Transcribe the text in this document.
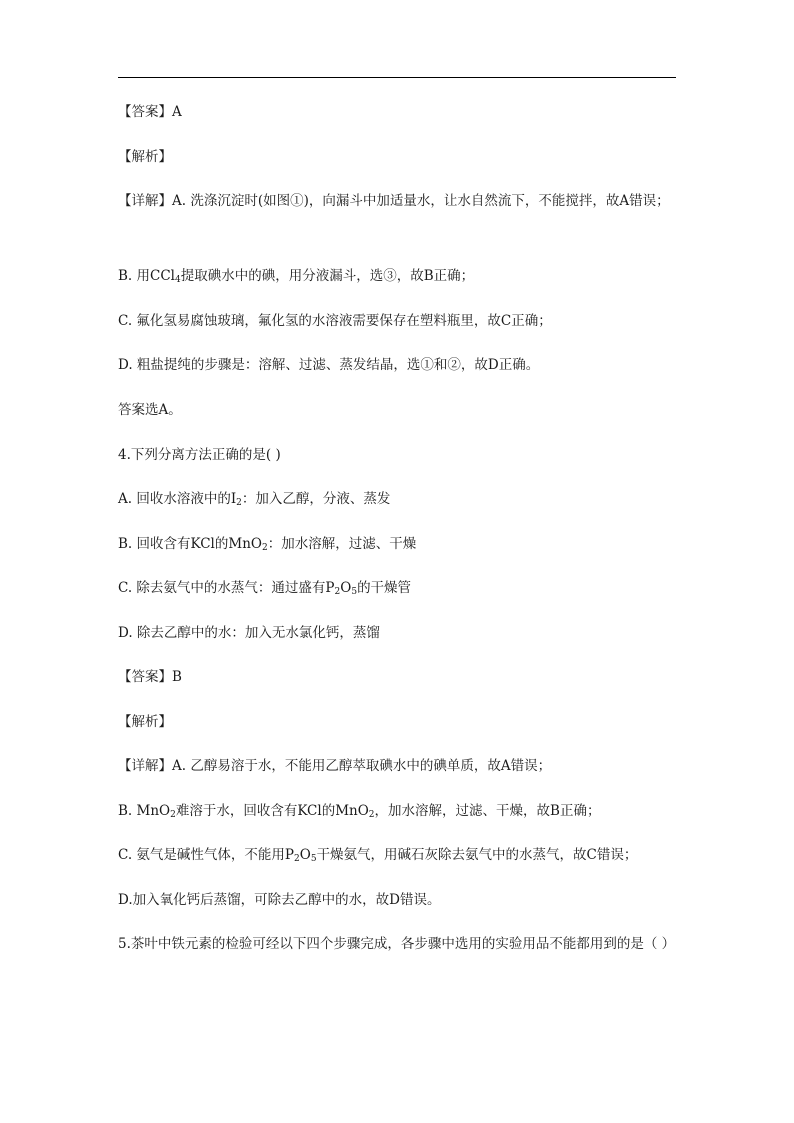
【答案】A
【解析】
【详解】A. 洗涤沉淀时(如图①)，向漏斗中加适量水，让水自然流下，不能搅拌，故A错误；
B. 用CCl$_4$提取碘水中的碘，用分液漏斗，选③，故B正确；
C. 氟化氢易腐蚀玻璃，氟化氢的水溶液需要保存在塑料瓶里，故C正确；
D. 粗盐提纯的步骤是：溶解、过滤、蒸发结晶，选①和②，故D正确。
答案选A。
4.下列分离方法正确的是( )
A. 回收水溶液中的$I_2$：加入乙醇，分液、蒸发
B. 回收含有KCl的MnO$_2$：加水溶解，过滤、干燥
C. 除去氨气中的水蒸气：通过盛有$P_2O_5$的干燥管
D. 除去乙醇中的水：加入无水氯化钙，蒸馏
【答案】B
【解析】
【详解】A. 乙醇易溶于水，不能用乙醇萃取碘水中的碘单质，故A错误；
B. MnO$_2$难溶于水，回收含有KCl的MnO$_2$，加水溶解，过滤、干燥，故B正确；
C. 氨气是碱性气体，不能用$P_2O_5$干燥氨气，用碱石灰除去氨气中的水蒸气，故C错误；
D.加入氧化钙后蒸馏，可除去乙醇中的水，故D错误。
5.茶叶中铁元素的检验可经以下四个步骤完成，各步骤中选用的实验用品不能都用到的是（ ）
